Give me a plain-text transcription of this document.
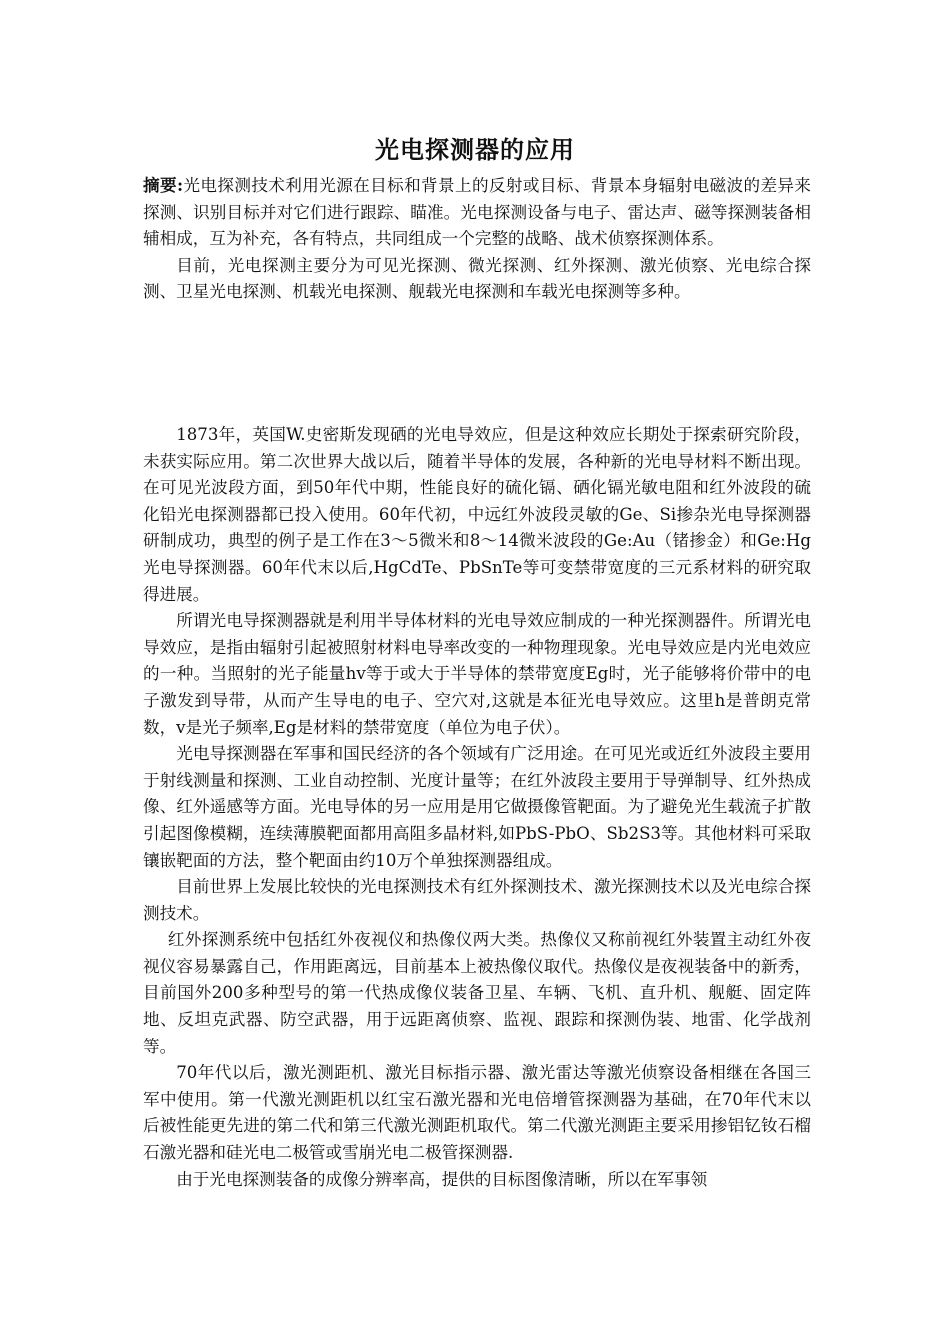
光电探测器的应用

摘要:光电探测技术利用光源在目标和背景上的反射或目标、背景本身辐射电磁波的差异来探测、识别目标并对它们进行跟踪、瞄准。光电探测设备与电子、雷达声、磁等探测装备相辅相成，互为补充，各有特点，共同组成一个完整的战略、战术侦察探测体系。

目前，光电探测主要分为可见光探测、微光探测、红外探测、激光侦察、光电综合探测、卫星光电探测、机载光电探测、舰载光电探测和车载光电探测等多种。

1873年，英国W.史密斯发现硒的光电导效应，但是这种效应长期处于探索研究阶段，未获实际应用。第二次世界大战以后，随着半导体的发展，各种新的光电导材料不断出现。在可见光波段方面，到50年代中期，性能良好的硫化镉、硒化镉光敏电阻和红外波段的硫化铅光电探测器都已投入使用。60年代初，中远红外波段灵敏的Ge、Si掺杂光电导探测器研制成功，典型的例子是工作在3～5微米和8～14微米波段的Ge:Au（锗掺金）和Ge:Hg光电导探测器。60年代末以后,HgCdTe、PbSnTe等可变禁带宽度的三元系材料的研究取得进展。

所谓光电导探测器就是利用半导体材料的光电导效应制成的一种光探测器件。所谓光电导效应，是指由辐射引起被照射材料电导率改变的一种物理现象。光电导效应是内光电效应的一种。当照射的光子能量hv等于或大于半导体的禁带宽度Eg时，光子能够将价带中的电子激发到导带，从而产生导电的电子、空穴对,这就是本征光电导效应。这里h是普朗克常数，v是光子频率,Eg是材料的禁带宽度（单位为电子伏）。

光电导探测器在军事和国民经济的各个领域有广泛用途。在可见光或近红外波段主要用于射线测量和探测、工业自动控制、光度计量等；在红外波段主要用于导弹制导、红外热成像、红外遥感等方面。光电导体的另一应用是用它做摄像管靶面。为了避免光生载流子扩散引起图像模糊，连续薄膜靶面都用高阻多晶材料,如PbS-PbO、Sb2S3等。其他材料可采取镶嵌靶面的方法，整个靶面由约10万个单独探测器组成。

目前世界上发展比较快的光电探测技术有红外探测技术、激光探测技术以及光电综合探测技术。

红外探测系统中包括红外夜视仪和热像仪两大类。热像仪又称前视红外装置主动红外夜视仪容易暴露自己，作用距离远，目前基本上被热像仪取代。热像仪是夜视装备中的新秀，目前国外200多种型号的第一代热成像仪装备卫星、车辆、飞机、直升机、舰艇、固定阵地、反坦克武器、防空武器，用于远距离侦察、监视、跟踪和探测伪装、地雷、化学战剂等。

70年代以后，激光测距机、激光目标指示器、激光雷达等激光侦察设备相继在各国三军中使用。第一代激光测距机以红宝石激光器和光电倍增管探测器为基础，在70年代末以后被性能更先进的第二代和第三代激光测距机取代。第二代激光测距主要采用掺铝钇钕石榴石激光器和硅光电二极管或雪崩光电二极管探测器.

由于光电探测装备的成像分辨率高，提供的目标图像清晰，所以在军事领
